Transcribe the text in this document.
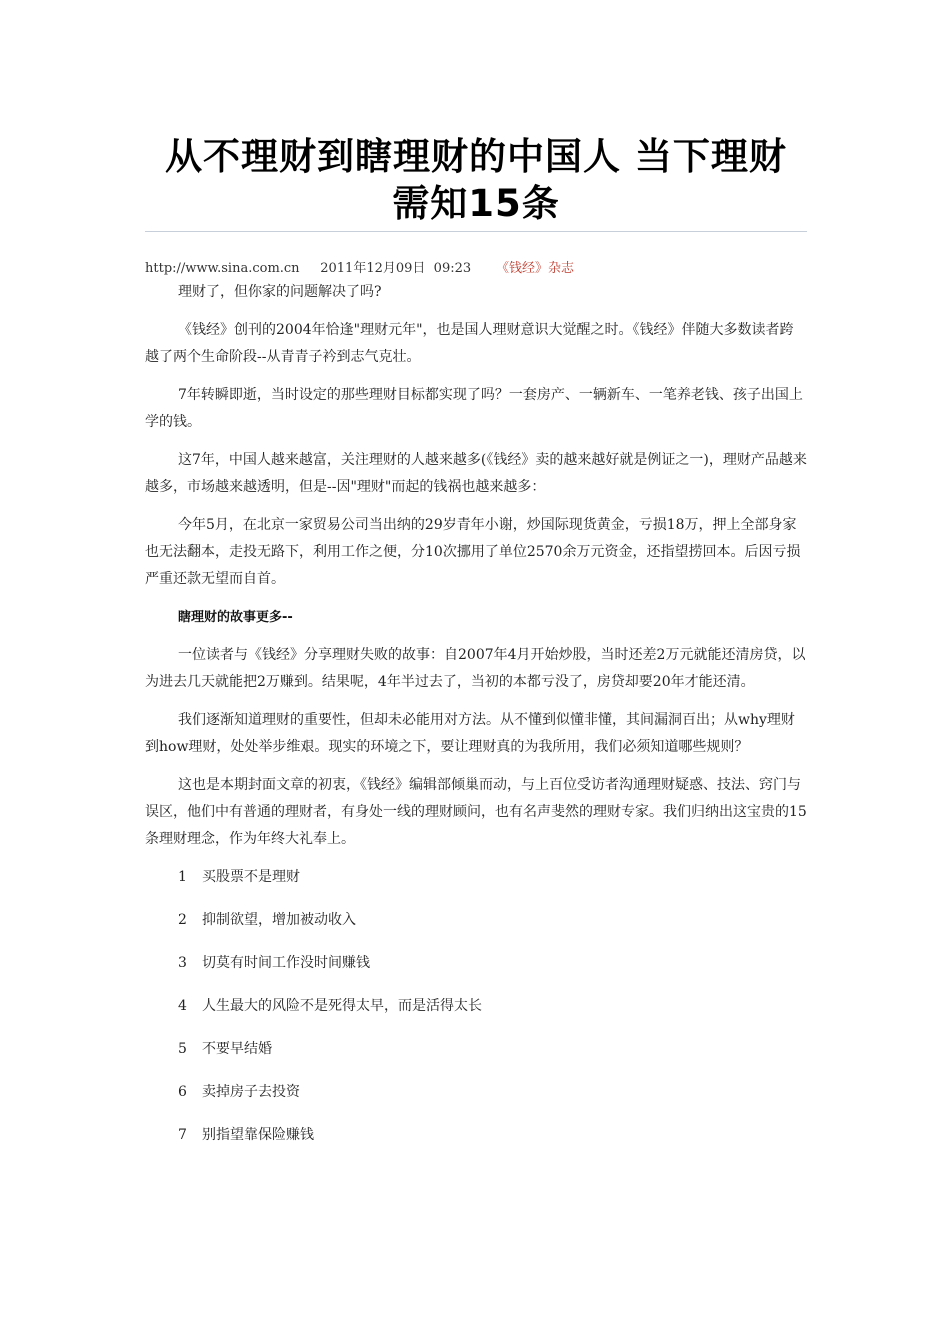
从不理财到瞎理财的中国人 当下理财
需知15条
http://www.sina.com.cn 2011年12月09日  09:23 《钱经》杂志

理财了，但你家的问题解决了吗?

《钱经》创刊的2004年恰逢"理财元年"，也是国人理财意识大觉醒之时。《钱经》伴随大多数读者跨越了两个生命阶段--从青青子衿到志气克壮。

7年转瞬即逝，当时设定的那些理财目标都实现了吗？一套房产、一辆新车、一笔养老钱、孩子出国上学的钱。

这7年，中国人越来越富，关注理财的人越来越多(《钱经》卖的越来越好就是例证之一)，理财产品越来越多，市场越来越透明，但是--因"理财"而起的钱祸也越来越多：

今年5月，在北京一家贸易公司当出纳的29岁青年小谢，炒国际现货黄金，亏损18万，押上全部身家也无法翻本，走投无路下，利用工作之便，分10次挪用了单位2570余万元资金，还指望捞回本。后因亏损严重还款无望而自首。

瞎理财的故事更多--

一位读者与《钱经》分享理财失败的故事：自2007年4月开始炒股，当时还差2万元就能还清房贷，以为进去几天就能把2万赚到。结果呢，4年半过去了，当初的本都亏没了，房贷却要20年才能还清。

我们逐渐知道理财的重要性，但却未必能用对方法。从不懂到似懂非懂，其间漏洞百出；从why理财到how理财，处处举步维艰。现实的环境之下，要让理财真的为我所用，我们必须知道哪些规则？

这也是本期封面文章的初衷，《钱经》编辑部倾巢而动，与上百位受访者沟通理财疑惑、技法、窍门与误区，他们中有普通的理财者，有身处一线的理财顾问，也有名声斐然的理财专家。我们归纳出这宝贵的15条理财理念，作为年终大礼奉上。

1 买股票不是理财
2 抑制欲望，增加被动收入
3 切莫有时间工作没时间赚钱
4 人生最大的风险不是死得太早，而是活得太长
5 不要早结婚
6 卖掉房子去投资
7 别指望靠保险赚钱
